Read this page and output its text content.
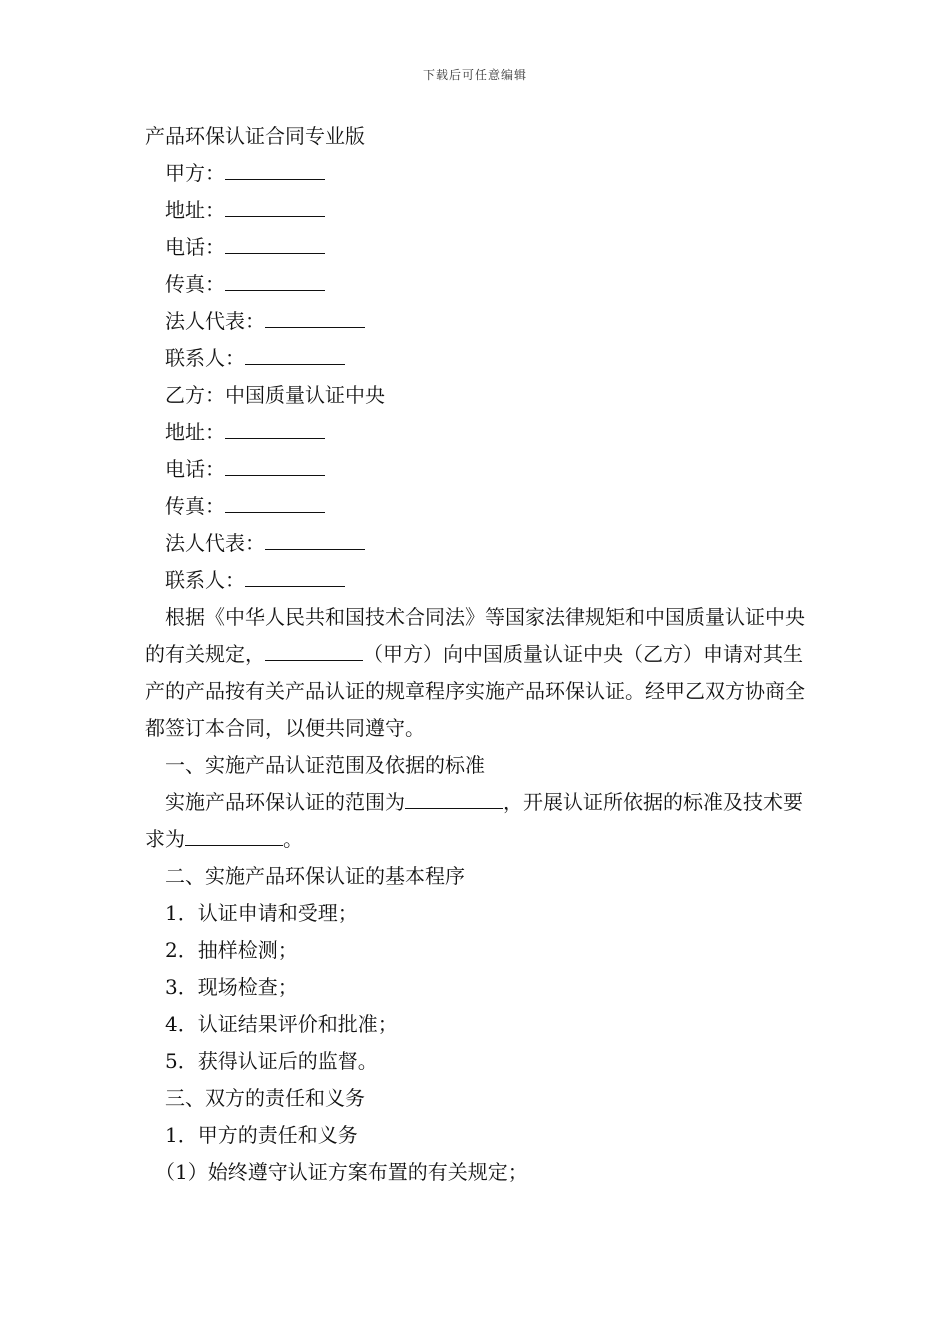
下载后可任意编辑
产品环保认证合同专业版
甲方：
地址：
电话：
传真：
法人代表：
联系人：
乙方：中国质量认证中央
地址：
电话：
传真：
法人代表：
联系人：
根据《中华人民共和国技术合同法》等国家法律规矩和中国质量认证中央的有关规定，	（甲方）向中国质量认证中央（乙方）申请对其生产的产品按有关产品认证的规章程序实施产品环保认证。经甲乙双方协商全都签订本合同，以便共同遵守。
一、实施产品认证范围及依据的标准
实施产品环保认证的范围为	，开展认证所依据的标准及技术要求为	。
二、实施产品环保认证的基本程序
1．认证申请和受理；
2．抽样检测；
3．现场检查；
4．认证结果评价和批准；
5．获得认证后的监督。
三、双方的责任和义务
1．甲方的责任和义务
（1）始终遵守认证方案布置的有关规定；
